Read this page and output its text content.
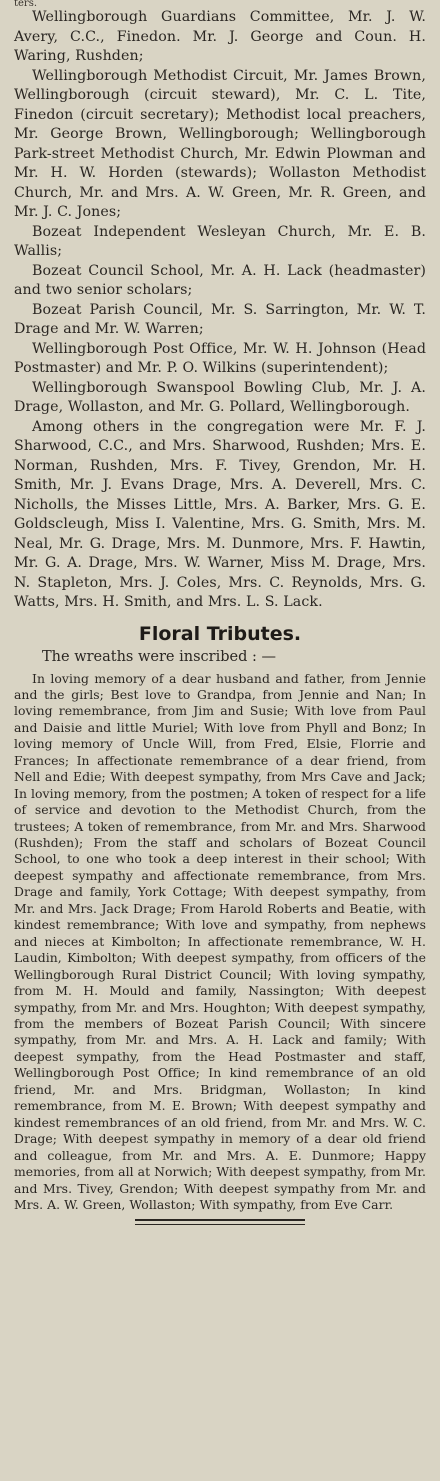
ters.

Wellingborough Guardians Committee, Mr. J. W. Avery, C.C., Finedon. Mr. J. George and Coun. H. Waring, Rushden;

Wellingborough Methodist Circuit, Mr. James Brown, Wellingborough (circuit steward), Mr. C. L. Tite, Finedon (circuit secretary); Methodist local preachers, Mr. George Brown, Wellingborough; Wellingborough Park-street Methodist Church, Mr. Edwin Plowman and Mr. H. W. Horden (stewards); Wollaston Methodist Church, Mr. and Mrs. A. W. Green, Mr. R. Green, and Mr. J. C. Jones;

Bozeat Independent Wesleyan Church, Mr. E. B. Wallis;

Bozeat Council School, Mr. A. H. Lack (headmaster) and two senior scholars;

Bozeat Parish Council, Mr. S. Sarrington, Mr. W. T. Drage and Mr. W. Warren;

Wellingborough Post Office, Mr. W. H. Johnson (Head Postmaster) and Mr. P. O. Wilkins (superintendent);

Wellingborough Swanspool Bowling Club, Mr. J. A. Drage, Wollaston, and Mr. G. Pollard, Wellingborough.

Among others in the congregation were Mr. F. J. Sharwood, C.C., and Mrs. Sharwood, Rushden; Mrs. E. Norman, Rushden, Mrs. F. Tivey, Grendon, Mr. H. Smith, Mr. J. Evans Drage, Mrs. A. Deverell, Mrs. C. Nicholls, the Misses Little, Mrs. A. Barker, Mrs. G. E. Goldscleugh, Miss I. Valentine, Mrs. G. Smith, Mrs. M. Neal, Mr. G. Drage, Mrs. M. Dunmore, Mrs. F. Hawtin, Mr. G. A. Drage, Mrs. W. Warner, Miss M. Drage, Mrs. N. Stapleton, Mrs. J. Coles, Mrs. C. Reynolds, Mrs. G. Watts, Mrs. H. Smith, and Mrs. L. S. Lack.

Floral Tributes.
The wreaths were inscribed : —

In loving memory of a dear husband and father, from Jennie and the girls; Best love to Grandpa, from Jennie and Nan; In loving remembrance, from Jim and Susie; With love from Paul and Daisie and little Muriel; With love from Phyll and Bonz; In loving memory of Uncle Will, from Fred, Elsie, Florrie and Frances; In affectionate remembrance of a dear friend, from Nell and Edie; With deepest sympathy, from Mrs Cave and Jack; In loving memory, from the postmen; A token of respect for a life of service and devotion to the Methodist Church, from the trustees; A token of remembrance, from Mr. and Mrs. Sharwood (Rushden); From the staff and scholars of Bozeat Council School, to one who took a deep interest in their school; With deepest sympathy and affectionate remembrance, from Mrs. Drage and family, York Cottage; With deepest sympathy, from Mr. and Mrs. Jack Drage; From Harold Roberts and Beatie, with kindest remembrance; With love and sympathy, from nephews and nieces at Kimbolton; In affectionate remembrance, W. H. Laudin, Kimbolton; With deepest sympathy, from officers of the Wellingborough Rural District Council; With loving sympathy, from M. H. Mould and family, Nassington; With deepest sympathy, from Mr. and Mrs. Houghton; With deepest sympathy, from the members of Bozeat Parish Council; With sincere sympathy, from Mr. and Mrs. A. H. Lack and family; With deepest sympathy, from the Head Postmaster and staff, Wellingborough Post Office; In kind remembrance of an old friend, Mr. and Mrs. Bridgman, Wollaston; In kind remembrance, from M. E. Brown; With deepest sympathy and kindest remembrances of an old friend, from Mr. and Mrs. W. C. Drage; With deepest sympathy in memory of a dear old friend and colleague, from Mr. and Mrs. A. E. Dunmore; Happy memories, from all at Norwich; With deepest sympathy, from Mr. and Mrs. Tivey, Grendon; With deepest sympathy from Mr. and Mrs. A. W. Green, Wollaston; With sympathy, from Eve Carr.
